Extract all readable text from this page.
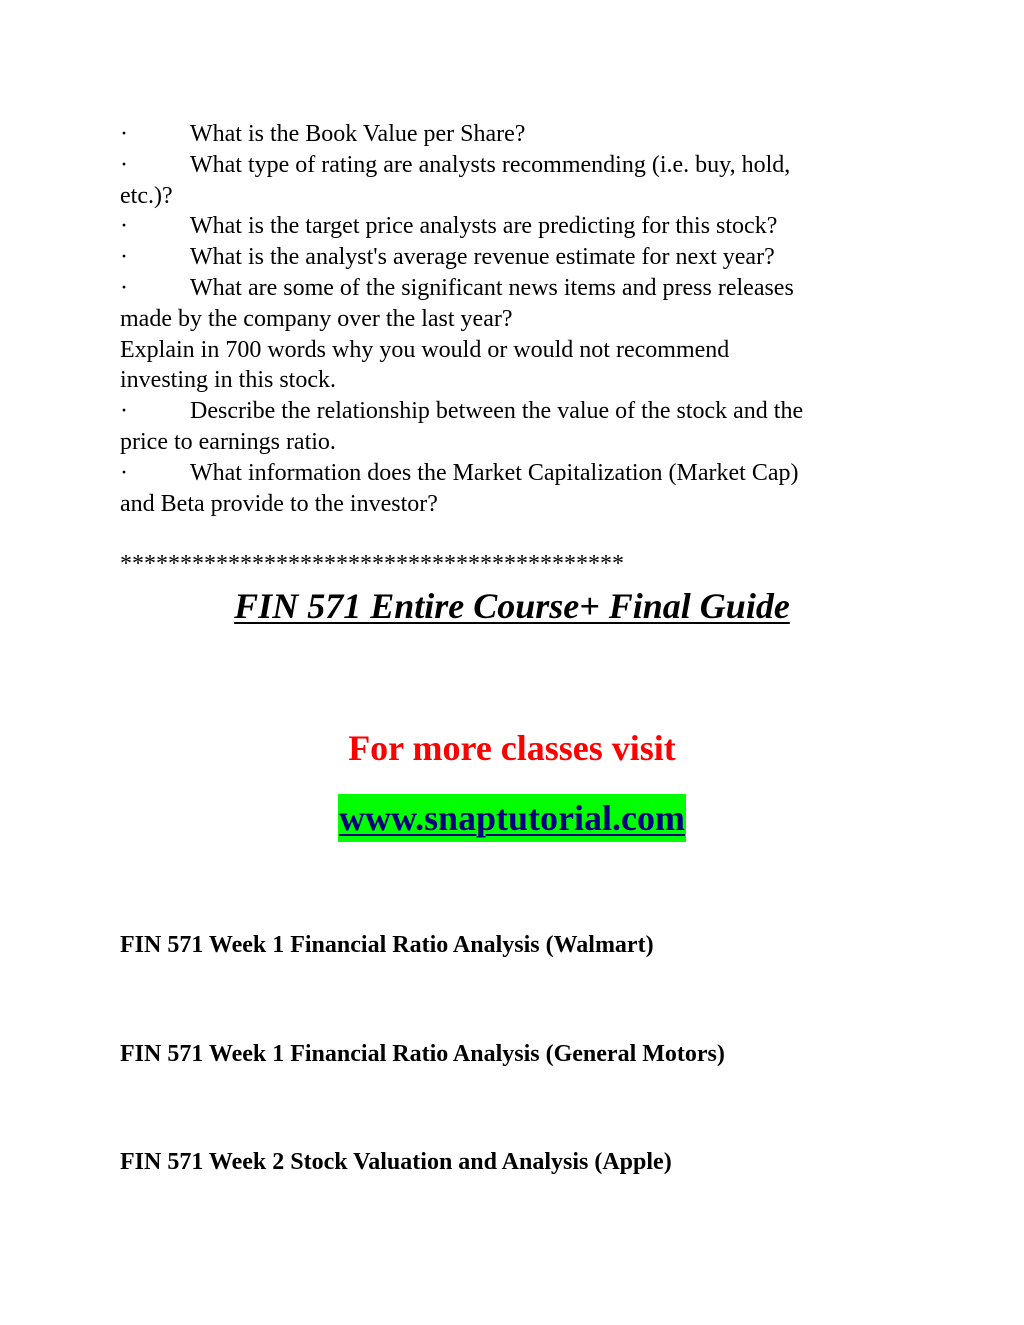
·	What is the Book Value per Share?
·	What type of rating are analysts recommending (i.e. buy, hold,
etc.)?
·	What is the target price analysts are predicting for this stock?
·	What is the analyst's average revenue estimate for next year?
·	What are some of the significant news items and press releases
made by the company over the last year?
Explain in 700 words why you would or would not recommend
investing in this stock.
·	Describe the relationship between the value of the stock and the
price to earnings ratio.
·	What information does the Market Capitalization (Market Cap)
and Beta provide to the investor?
******************************************
FIN 571 Entire Course+ Final Guide
For more classes visit
www.snaptutorial.com
FIN 571 Week 1 Financial Ratio Analysis (Walmart)
FIN 571 Week 1 Financial Ratio Analysis (General Motors)
FIN 571 Week 2 Stock Valuation and Analysis (Apple)
